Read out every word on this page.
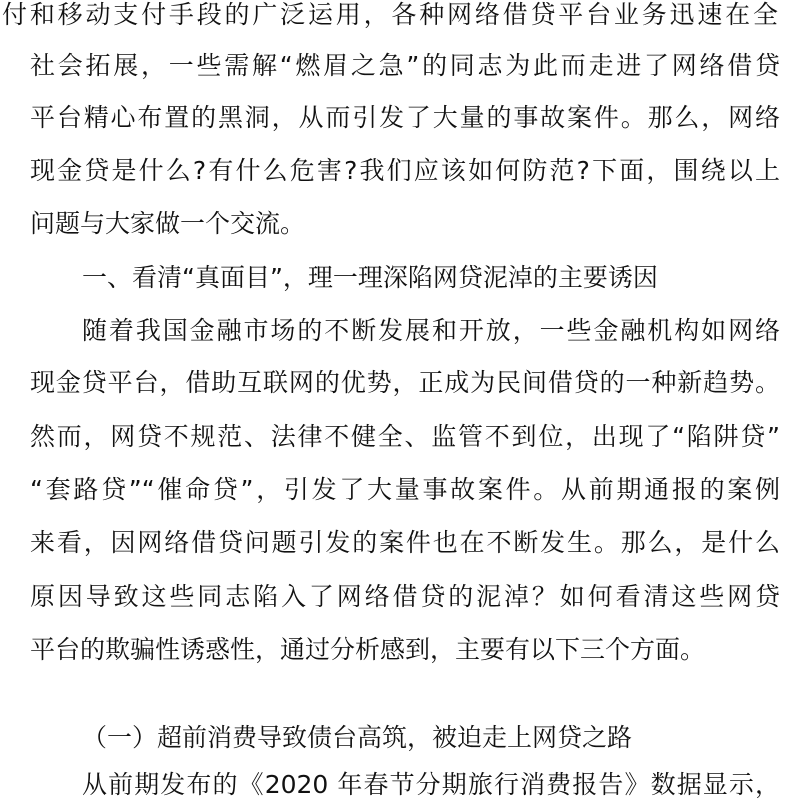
付和移动支付手段的广泛运用，各种网络借贷平台业务迅速在全
社会拓展，一些需解“燃眉之急”的同志为此而走进了网络借贷
平台精心布置的黑洞，从而引发了大量的事故案件。那么，网络
现金贷是什么?有什么危害?我们应该如何防范?下面，围绕以上
问题与大家做一个交流。
一、看清“真面目”，理一理深陷网贷泥淖的主要诱因
随着我国金融市场的不断发展和开放，一些金融机构如网络
现金贷平台，借助互联网的优势，正成为民间借贷的一种新趋势。
然而，网贷不规范、法律不健全、监管不到位，出现了“陷阱贷”
“套路贷”“催命贷”，引发了大量事故案件。从前期通报的案例
来看，因网络借贷问题引发的案件也在不断发生。那么，是什么
原因导致这些同志陷入了网络借贷的泥淖？如何看清这些网贷
平台的欺骗性诱惑性，通过分析感到，主要有以下三个方面。
（一）超前消费导致债台高筑，被迫走上网贷之路
从前期发布的《2020 年春节分期旅行消费报告》数据显示，
